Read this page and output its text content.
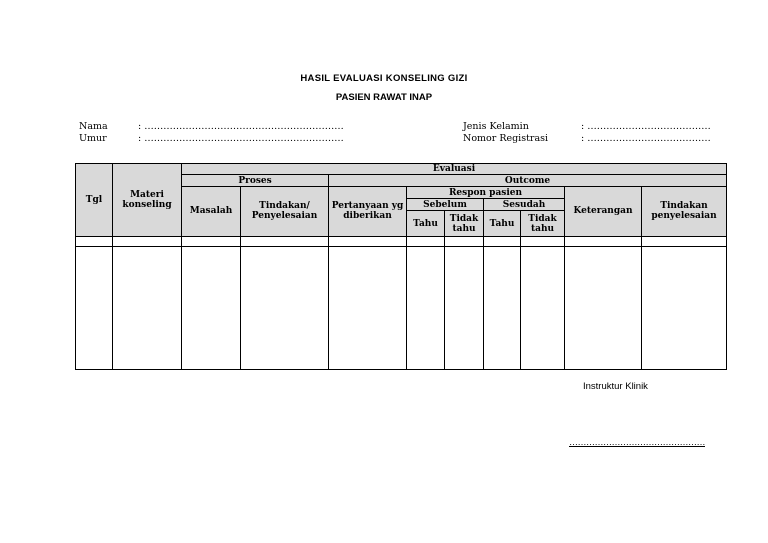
HASIL EVALUASI KONSELING GIZI
PASIEN RAWAT INAP
Nama	: ………………………………………………………
Umur	: ………………………………………………………
Jenis Kelamin	: …………………………………
Nomor Registrasi	: …………………………………
Tgl	Materi konseling	Evaluasi								
		Proses		Outcome						
		Masalah	Tindakan/ Penyelesaian	Pertanyaan yg diberikan	Respon pasien				Keterangan	Tindakan penyelesaian
					Sebelum		Sesudah			
					Tahu	Tidak tahu	Tahu	Tidak tahu		

Instruktur Klinik
…………………………………………
